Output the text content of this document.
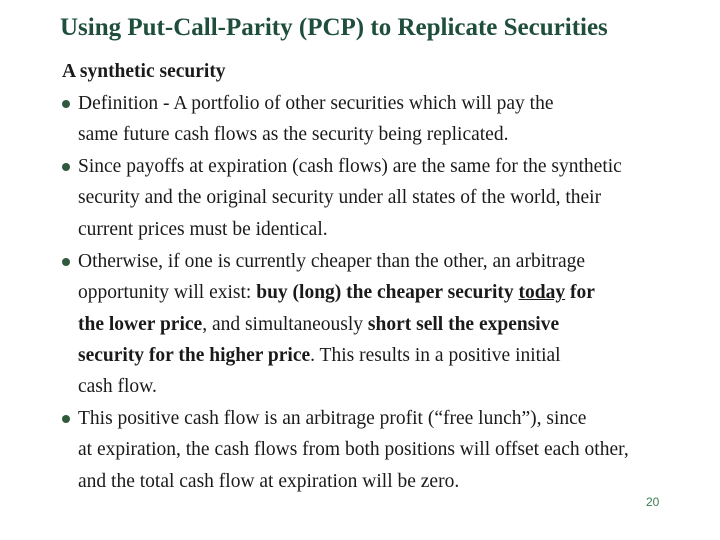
Using Put-Call-Parity (PCP) to Replicate Securities
A synthetic security
Definition - A portfolio of other securities which will pay the
same future cash flows as the security being replicated.
Since payoffs at expiration (cash flows) are the same for the synthetic
security and the original security under all states of the world, their
current prices must be identical.
Otherwise, if one is currently cheaper than the other, an arbitrage
opportunity will exist: buy (long) the cheaper security today for
the lower price, and simultaneously short sell the expensive
security for the higher price. This results in a positive initial
cash flow.
This positive cash flow is an arbitrage profit (“free lunch”), since
at expiration, the cash flows from both positions will offset each other,
and the total cash flow at expiration will be zero.
20
